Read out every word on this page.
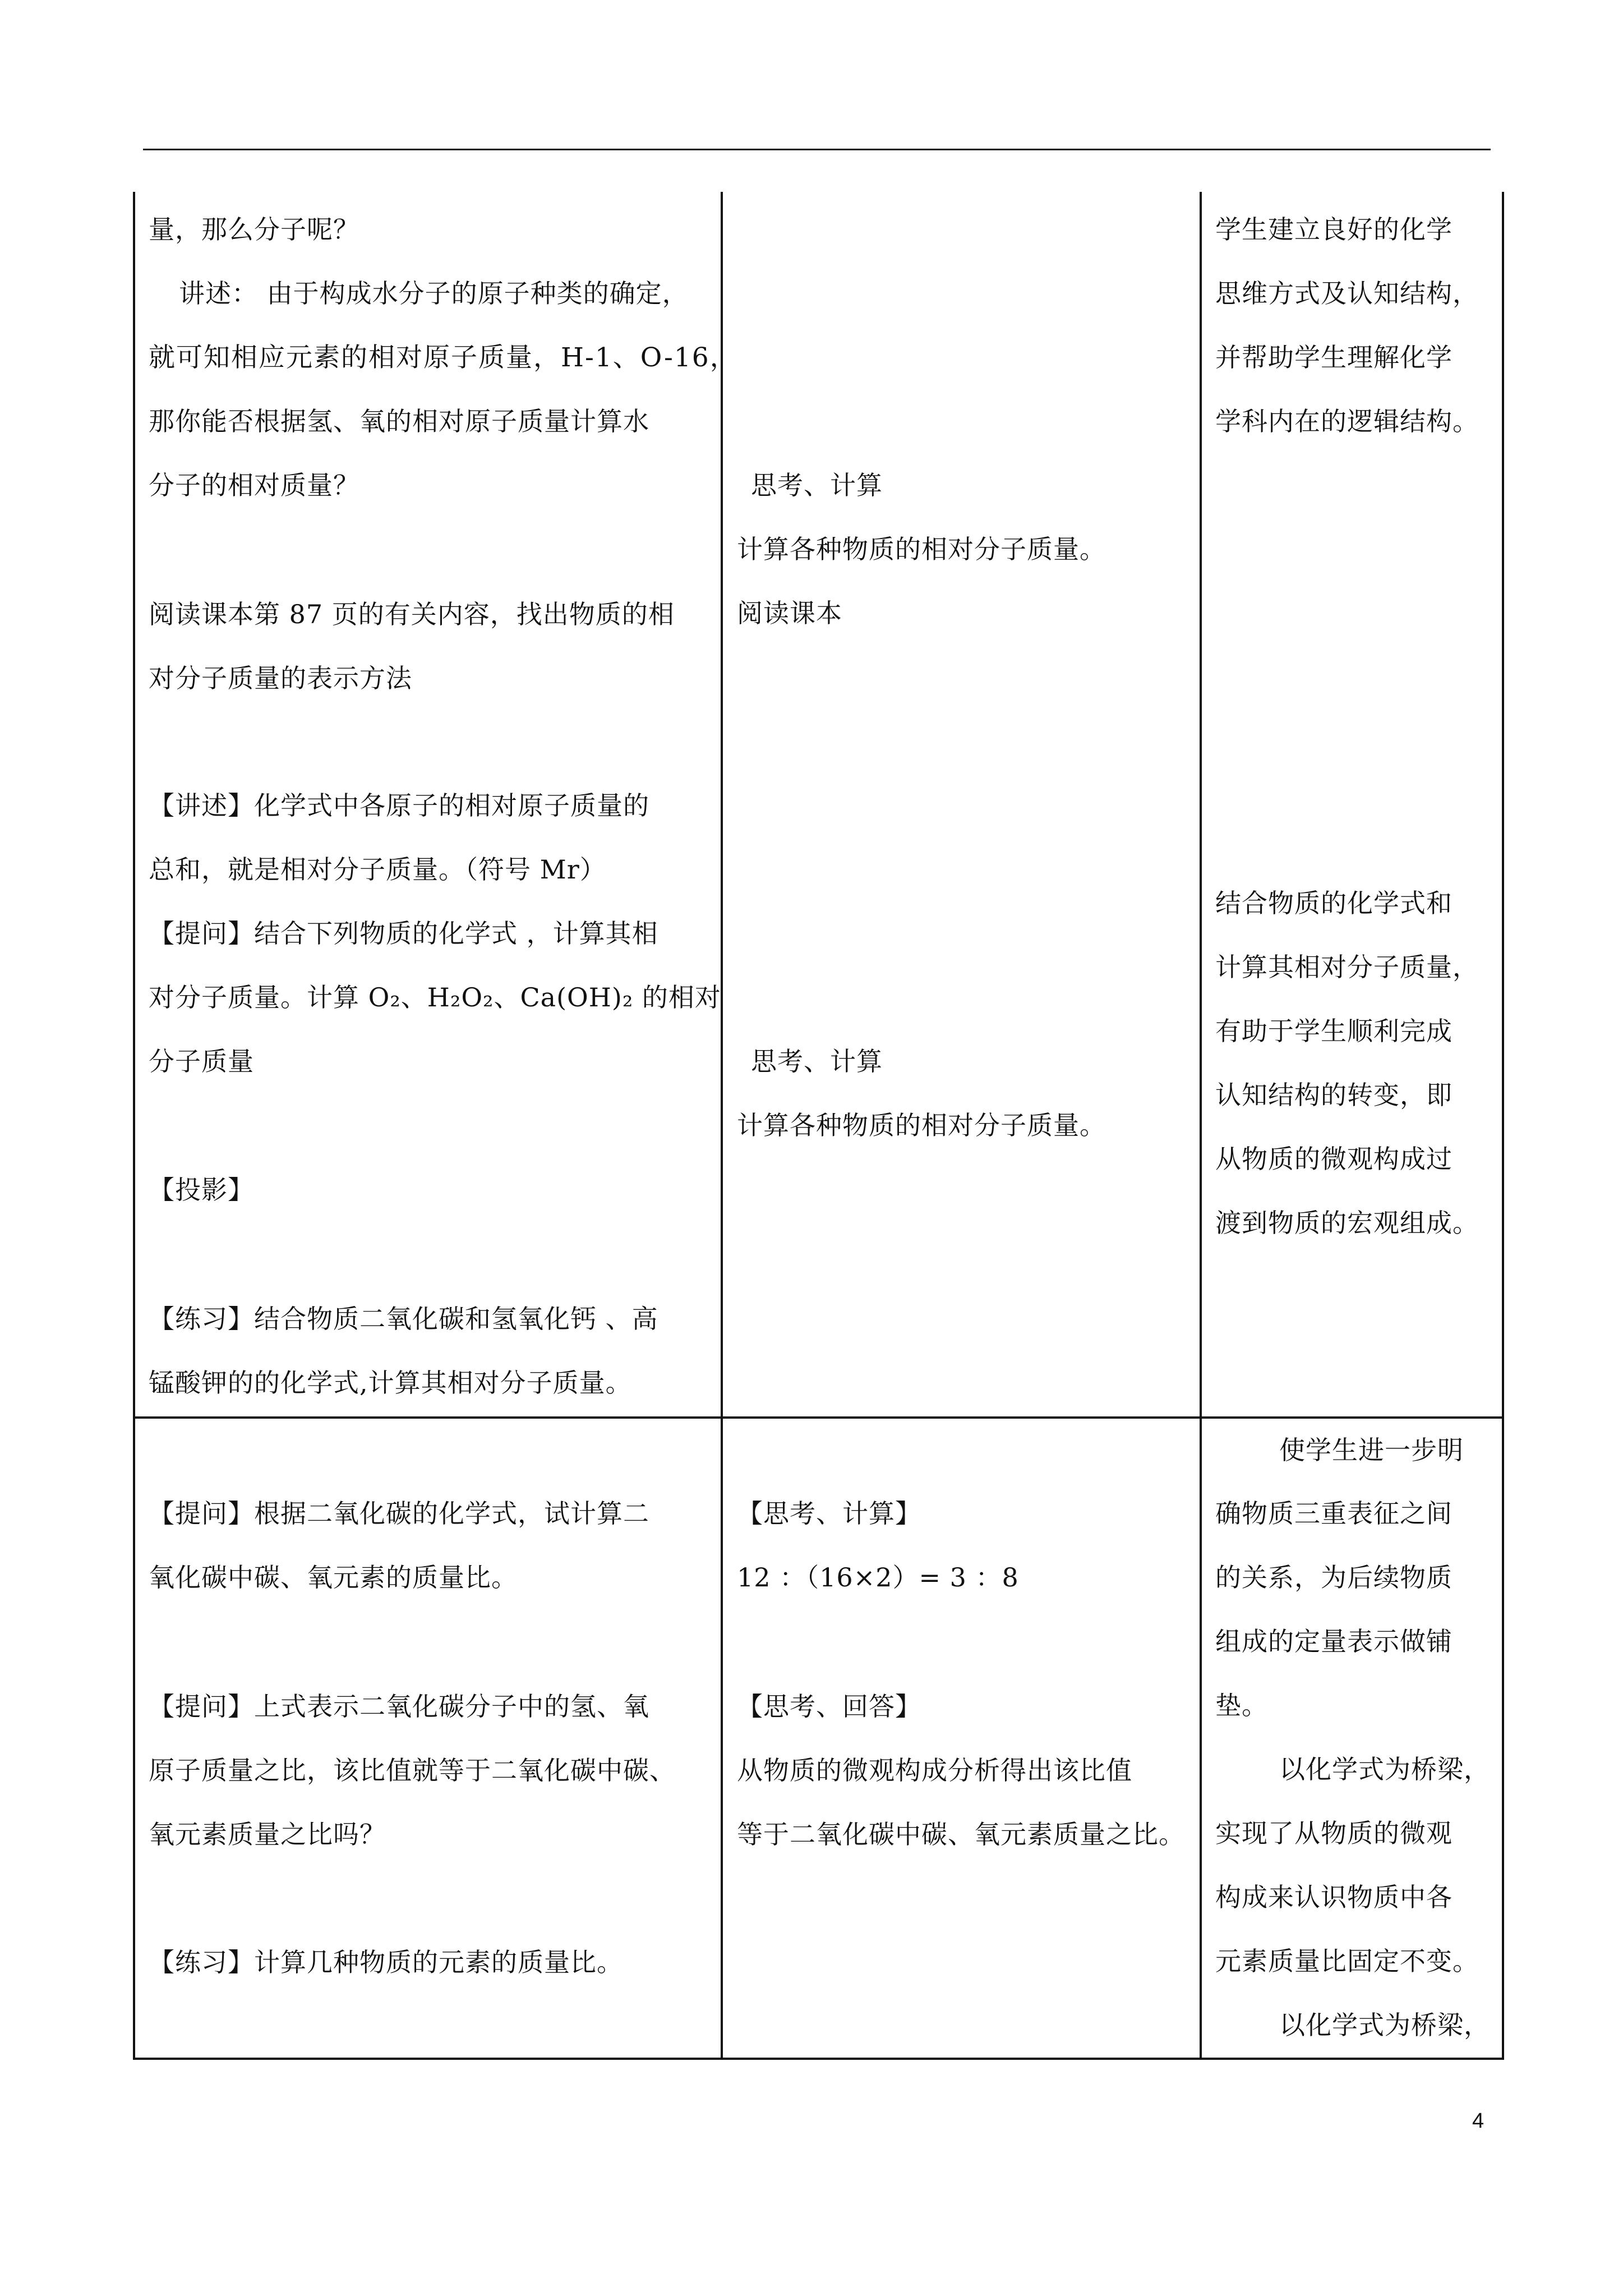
量，那么分子呢？
讲述： 由于构成水分子的原子种类的确定，
就可知相应元素的相对原子质量，H-1、O-16，
那你能否根据氢、氧的相对原子质量计算水
分子的相对质量？
阅读课本第 87 页的有关内容，找出物质的相
对分子质量的表示方法
【讲述】化学式中各原子的相对原子质量的
总和，就是相对分子质量。（符号 Mr）
【提问】结合下列物质的化学式 ，计算其相
对分子质量。计算 O₂、H₂O₂、Ca(OH)₂ 的相对
分子质量
【投影】
【练习】结合物质二氧化碳和氢氧化钙 、高
锰酸钾的的化学式,计算其相对分子质量。
思考、计算
计算各种物质的相对分子质量。
阅读课本
思考、计算
计算各种物质的相对分子质量。
学生建立良好的化学
思维方式及认知结构，
并帮助学生理解化学
学科内在的逻辑结构。
结合物质的化学式和
计算其相对分子质量，
有助于学生顺利完成
认知结构的转变，即
从物质的微观构成过
渡到物质的宏观组成。
【提问】根据二氧化碳的化学式，试计算二
氧化碳中碳、氧元素的质量比。
【提问】上式表示二氧化碳分子中的氢、氧
原子质量之比，该比值就等于二氧化碳中碳、
氧元素质量之比吗？
【练习】计算几种物质的元素的质量比。
【思考、计算】
12 ：（16×2）= 3 ：8
【思考、回答】
从物质的微观构成分析得出该比值
等于二氧化碳中碳、氧元素质量之比。
使学生进一步明
确物质三重表征之间
的关系，为后续物质
组成的定量表示做铺
垫。
以化学式为桥梁，
实现了从物质的微观
构成来认识物质中各
元素质量比固定不变。
以化学式为桥梁，
4
